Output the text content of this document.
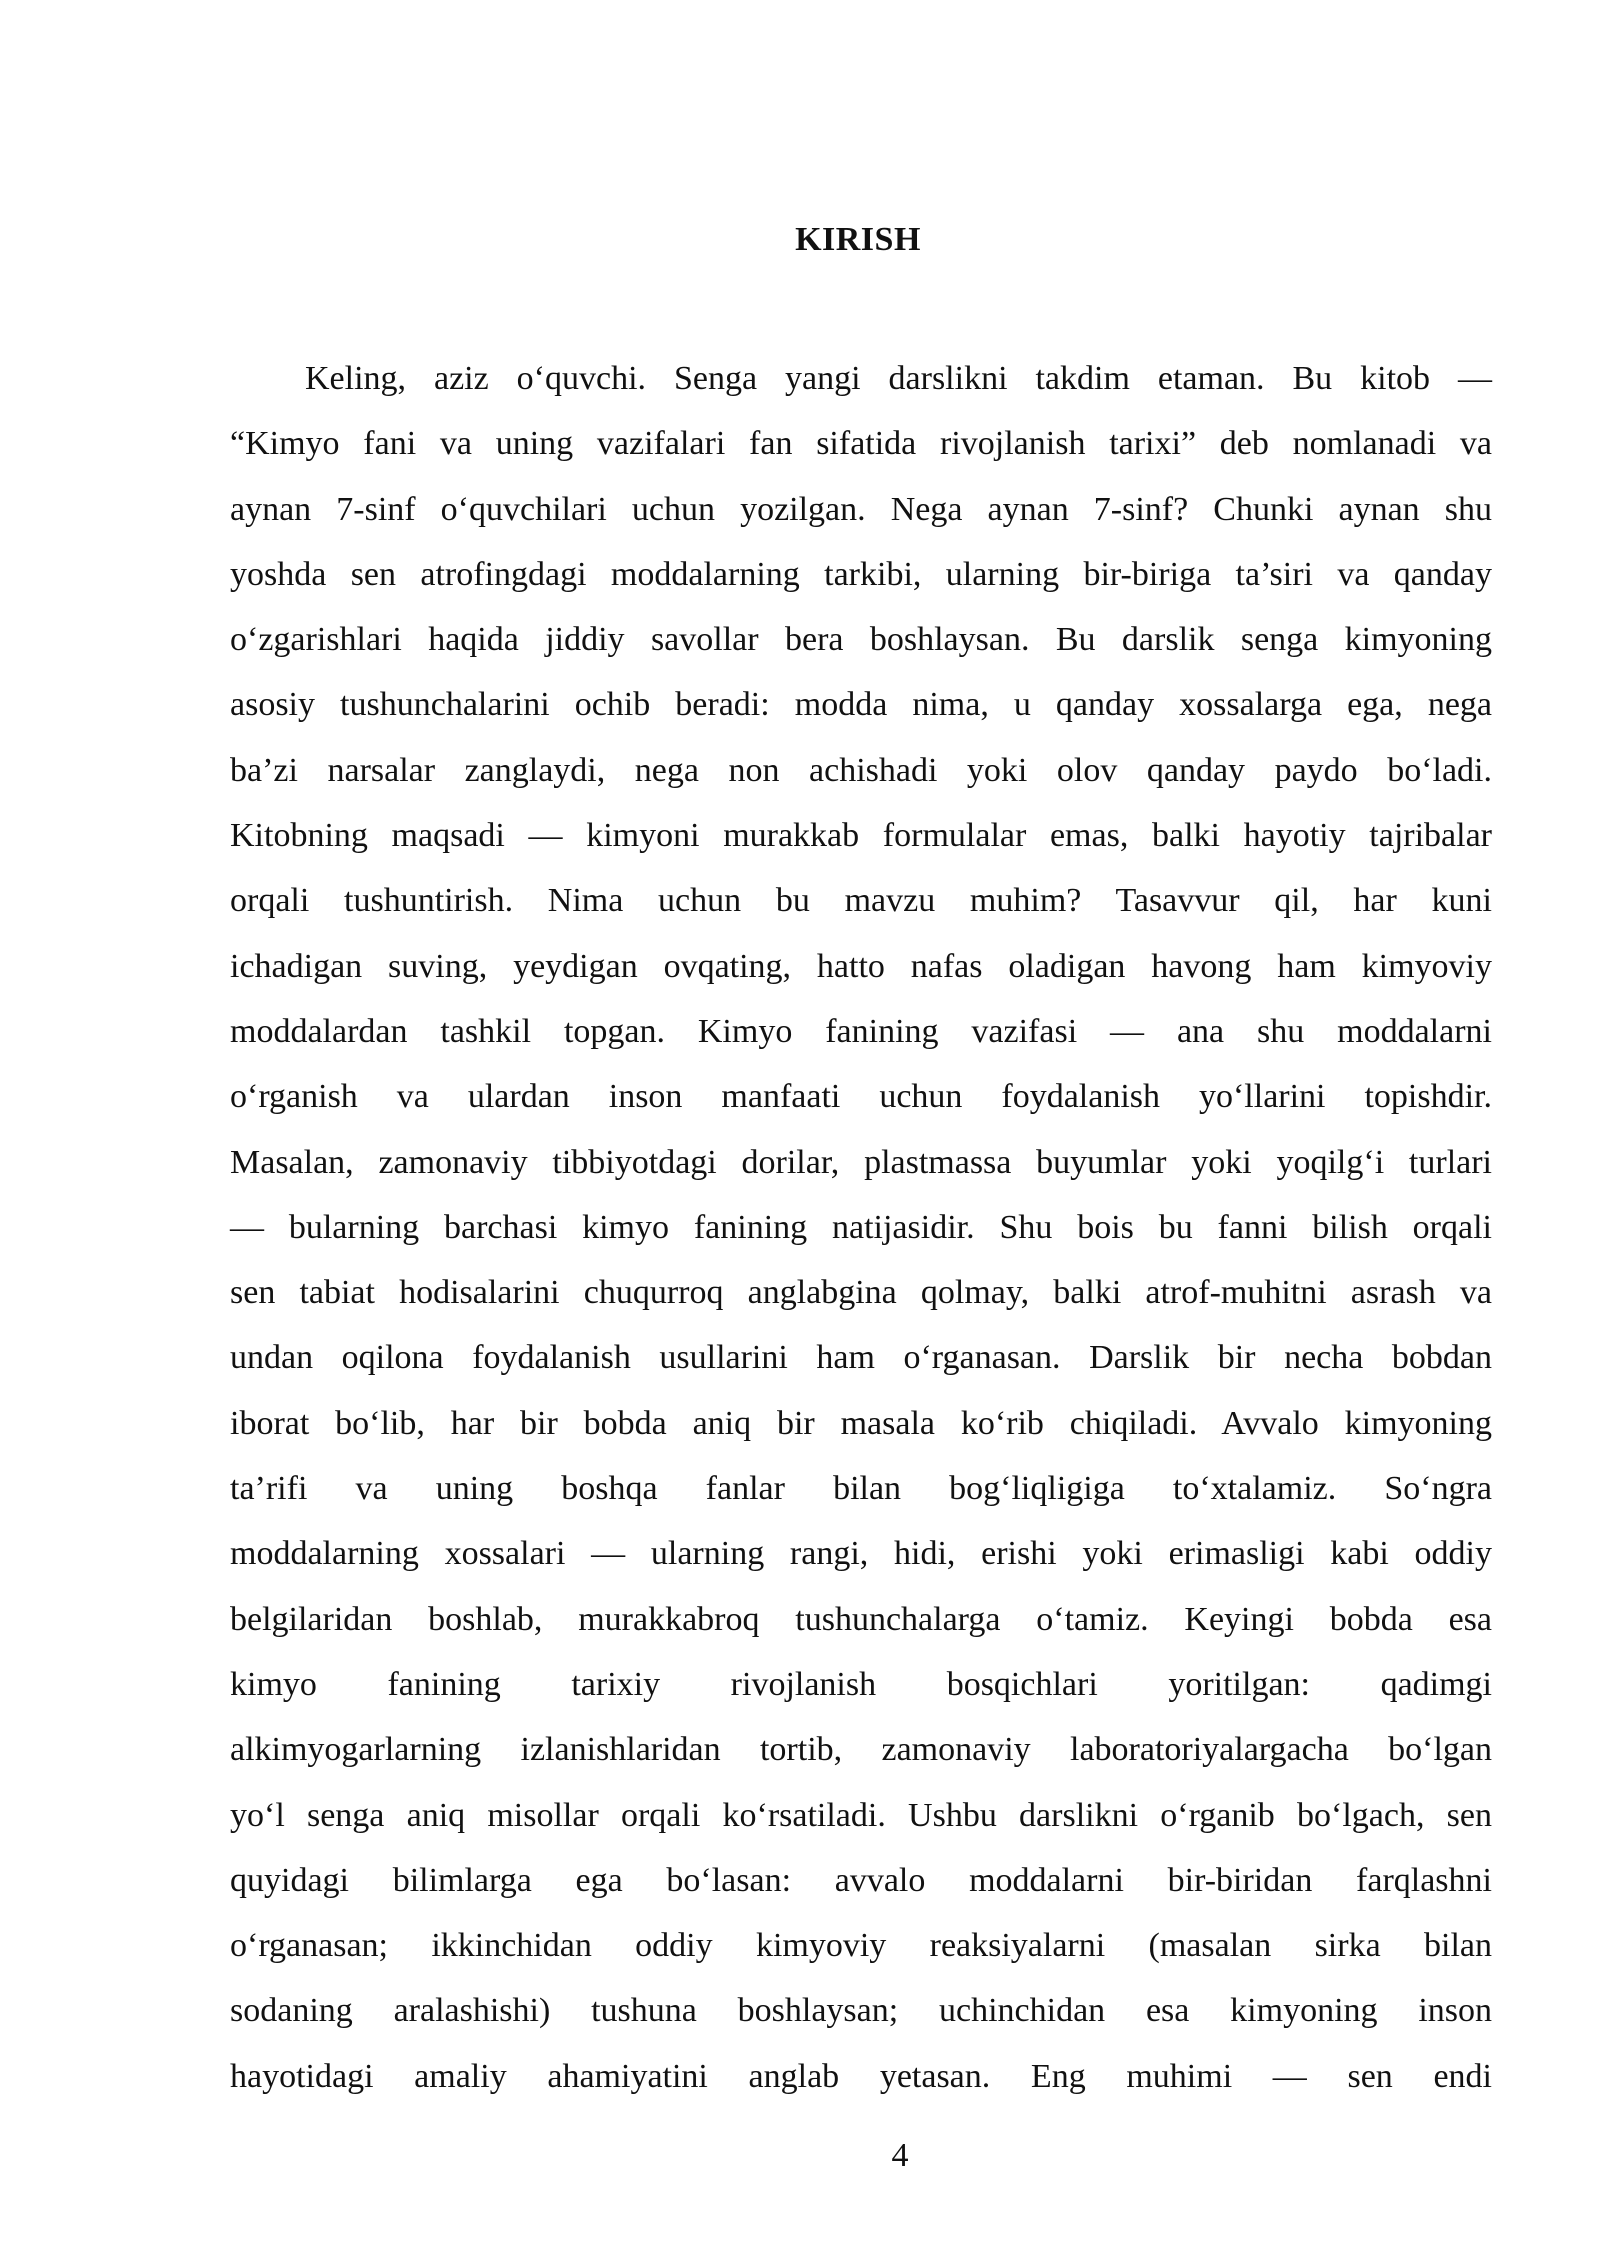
KIRISH
Keling, aziz oʻquvchi. Senga yangi darslikni takdim etaman. Bu kitob —
“Kimyo fani va uning vazifalari fan sifatida rivojlanish tarixi” deb nomlanadi va
aynan 7-sinf oʻquvchilari uchun yozilgan. Nega aynan 7-sinf? Chunki aynan shu
yoshda sen atrofingdagi moddalarning tarkibi, ularning bir-biriga ta’siri va qanday
oʻzgarishlari haqida jiddiy savollar bera boshlaysan. Bu darslik senga kimyoning
asosiy tushunchalarini ochib beradi: modda nima, u qanday xossalarga ega, nega
ba’zi narsalar zanglaydi, nega non achishadi yoki olov qanday paydo boʻladi.
Kitobning maqsadi — kimyoni murakkab formulalar emas, balki hayotiy tajribalar
orqali tushuntirish. Nima uchun bu mavzu muhim? Tasavvur qil, har kuni
ichadigan suving, yeydigan ovqating, hatto nafas oladigan havong ham kimyoviy
moddalardan tashkil topgan. Kimyo fanining vazifasi — ana shu moddalarni
oʻrganish va ulardan inson manfaati uchun foydalanish yoʻllarini topishdir.
Masalan, zamonaviy tibbiyotdagi dorilar, plastmassa buyumlar yoki yoqilgʻi turlari
— bularning barchasi kimyo fanining natijasidir. Shu bois bu fanni bilish orqali
sen tabiat hodisalarini chuqurroq anglabgina qolmay, balki atrof-muhitni asrash va
undan oqilona foydalanish usullarini ham oʻrganasan. Darslik bir necha bobdan
iborat boʻlib, har bir bobda aniq bir masala koʻrib chiqiladi. Avvalo kimyoning
ta’rifi va uning boshqa fanlar bilan bogʻliqligiga toʻxtalamiz. Soʻngra
moddalarning xossalari — ularning rangi, hidi, erishi yoki erimasligi kabi oddiy
belgilaridan boshlab, murakkabroq tushunchalarga oʻtamiz. Keyingi bobda esa
kimyo fanining tarixiy rivojlanish bosqichlari yoritilgan: qadimgi
alkimyogarlarning izlanishlaridan tortib, zamonaviy laboratoriyalargacha boʻlgan
yoʻl senga aniq misollar orqali koʻrsatiladi. Ushbu darslikni oʻrganib boʻlgach, sen
quyidagi bilimlarga ega boʻlasan: avvalo moddalarni bir-biridan farqlashni
oʻrganasan; ikkinchidan oddiy kimyoviy reaksiyalarni (masalan sirka bilan
sodaning aralashishi) tushuna boshlaysan; uchinchidan esa kimyoning inson
hayotidagi amaliy ahamiyatini anglab yetasan. Eng muhimi — sen endi
4
